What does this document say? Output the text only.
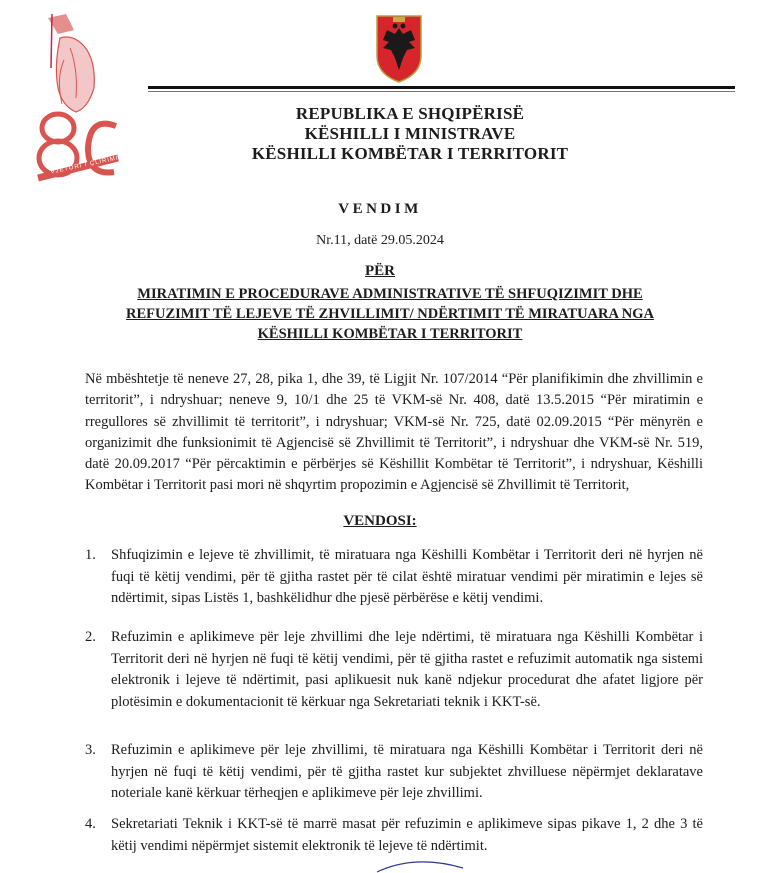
VJETORI I ÇLIRIMIT
REPUBLIKA E SHQIPËRISË
KËSHILLI I MINISTRAVE
KËSHILLI KOMBËTAR I TERRITORIT
VENDIM
Nr.11, datë 29.05.2024
PËR
MIRATIMIN E PROCEDURAVE ADMINISTRATIVE TË SHFUQIZIMIT DHE
REFUZIMIT TË LEJEVE TË ZHVILLIMIT/ NDËRTIMIT TË MIRATUARA NGA
KËSHILLI KOMBËTAR I TERRITORIT
Në mbështetje të neneve 27, 28, pika 1, dhe 39, të Ligjit Nr. 107/2014 “Për planifikimin dhe zhvillimin e territorit”, i ndryshuar; neneve 9, 10/1 dhe 25 të VKM-së Nr. 408, datë 13.5.2015 “Për miratimin e rregullores së zhvillimit të territorit”, i ndryshuar; VKM-së Nr. 725, datë 02.09.2015 “Për mënyrën e organizimit dhe funksionimit të Agjencisë së Zhvillimit të Territorit”, i ndryshuar dhe VKM-së Nr. 519, datë 20.09.2017 “Për përcaktimin e përbërjes së Këshillit Kombëtar të Territorit”, i ndryshuar, Këshilli Kombëtar i Territorit pasi mori në shqyrtim propozimin e Agjencisë së Zhvillimit të Territorit,
VENDOSI:
1.	Shfuqizimin e lejeve të zhvillimit, të miratuara nga Këshilli Kombëtar i Territorit deri në hyrjen në fuqi të këtij vendimi, për të gjitha rastet për të cilat është miratuar vendimi për miratimin e lejes së ndërtimit, sipas Listës 1, bashkëlidhur dhe pjesë përbërëse e këtij vendimi.
2.	Refuzimin e aplikimeve për leje zhvillimi dhe leje ndërtimi, të miratuara nga Këshilli Kombëtar i Territorit deri në hyrjen në fuqi të këtij vendimi, për të gjitha rastet e refuzimit automatik nga sistemi elektronik i lejeve të ndërtimit, pasi aplikuesit nuk kanë ndjekur procedurat dhe afatet ligjore për plotësimin e dokumentacionit të kërkuar nga Sekretariati teknik i KKT-së.
3.	Refuzimin e aplikimeve për leje zhvillimi, të miratuara nga Këshilli Kombëtar i Territorit deri në hyrjen në fuqi të këtij vendimi, për të gjitha rastet kur subjektet zhvilluese nëpërmjet deklaratave noteriale kanë kërkuar tërheqjen e aplikimeve për leje zhvillimi.
4.	Sekretariati Teknik i KKT-së të marrë masat për refuzimin e aplikimeve sipas pikave 1, 2 dhe 3 të këtij vendimi nëpërmjet sistemit elektronik të lejeve të ndërtimit.
